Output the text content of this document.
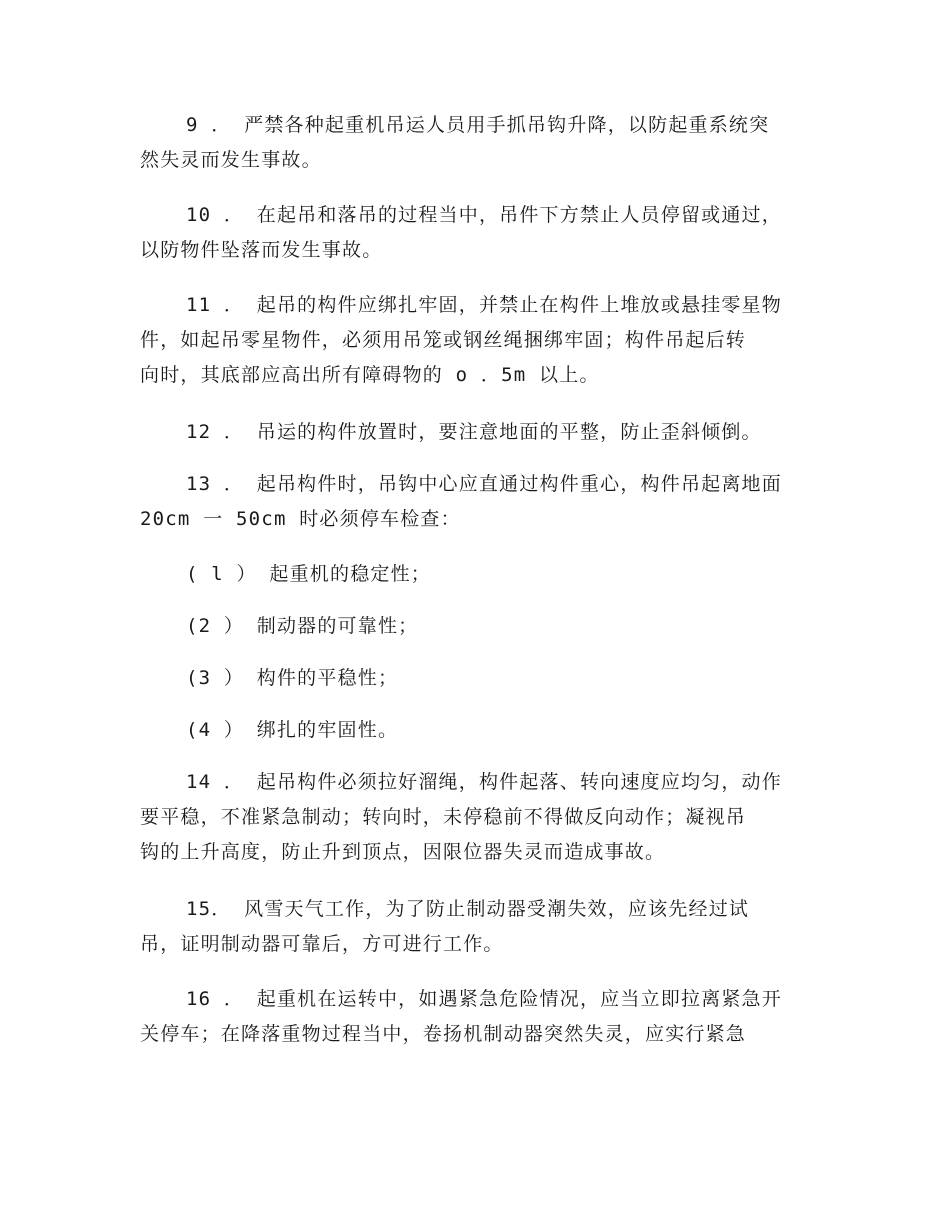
9 ． 严禁各种起重机吊运人员用手抓吊钩升降，以防起重系统突
然失灵而发生事故。

10 ． 在起吊和落吊的过程当中，吊件下方禁止人员停留或通过，
以防物件坠落而发生事故。

11 ． 起吊的构件应绑扎牢固，并禁止在构件上堆放或悬挂零星物
件，如起吊零星物件，必须用吊笼或钢丝绳捆绑牢固；构件吊起后转
向时，其底部应高出所有障碍物的 o ．5m 以上。

12 ． 吊运的构件放置时，要注意地面的平整，防止歪斜倾倒。

13 ． 起吊构件时，吊钩中心应直通过构件重心，构件吊起离地面
20cm 一 50cm 时必须停车检查：

( l ） 起重机的稳定性；

(2 ） 制动器的可靠性；

(3 ） 构件的平稳性；

(4 ） 绑扎的牢固性。

14 ． 起吊构件必须拉好溜绳，构件起落、转向速度应均匀，动作
要平稳，不准紧急制动；转向时，未停稳前不得做反向动作；凝视吊
钩的上升高度，防止升到顶点，因限位器失灵而造成事故。

15． 风雪天气工作，为了防止制动器受潮失效，应该先经过试
吊，证明制动器可靠后，方可进行工作。

16 ． 起重机在运转中，如遇紧急危险情况，应当立即拉离紧急开
关停车；在降落重物过程当中，卷扬机制动器突然失灵，应实行紧急
